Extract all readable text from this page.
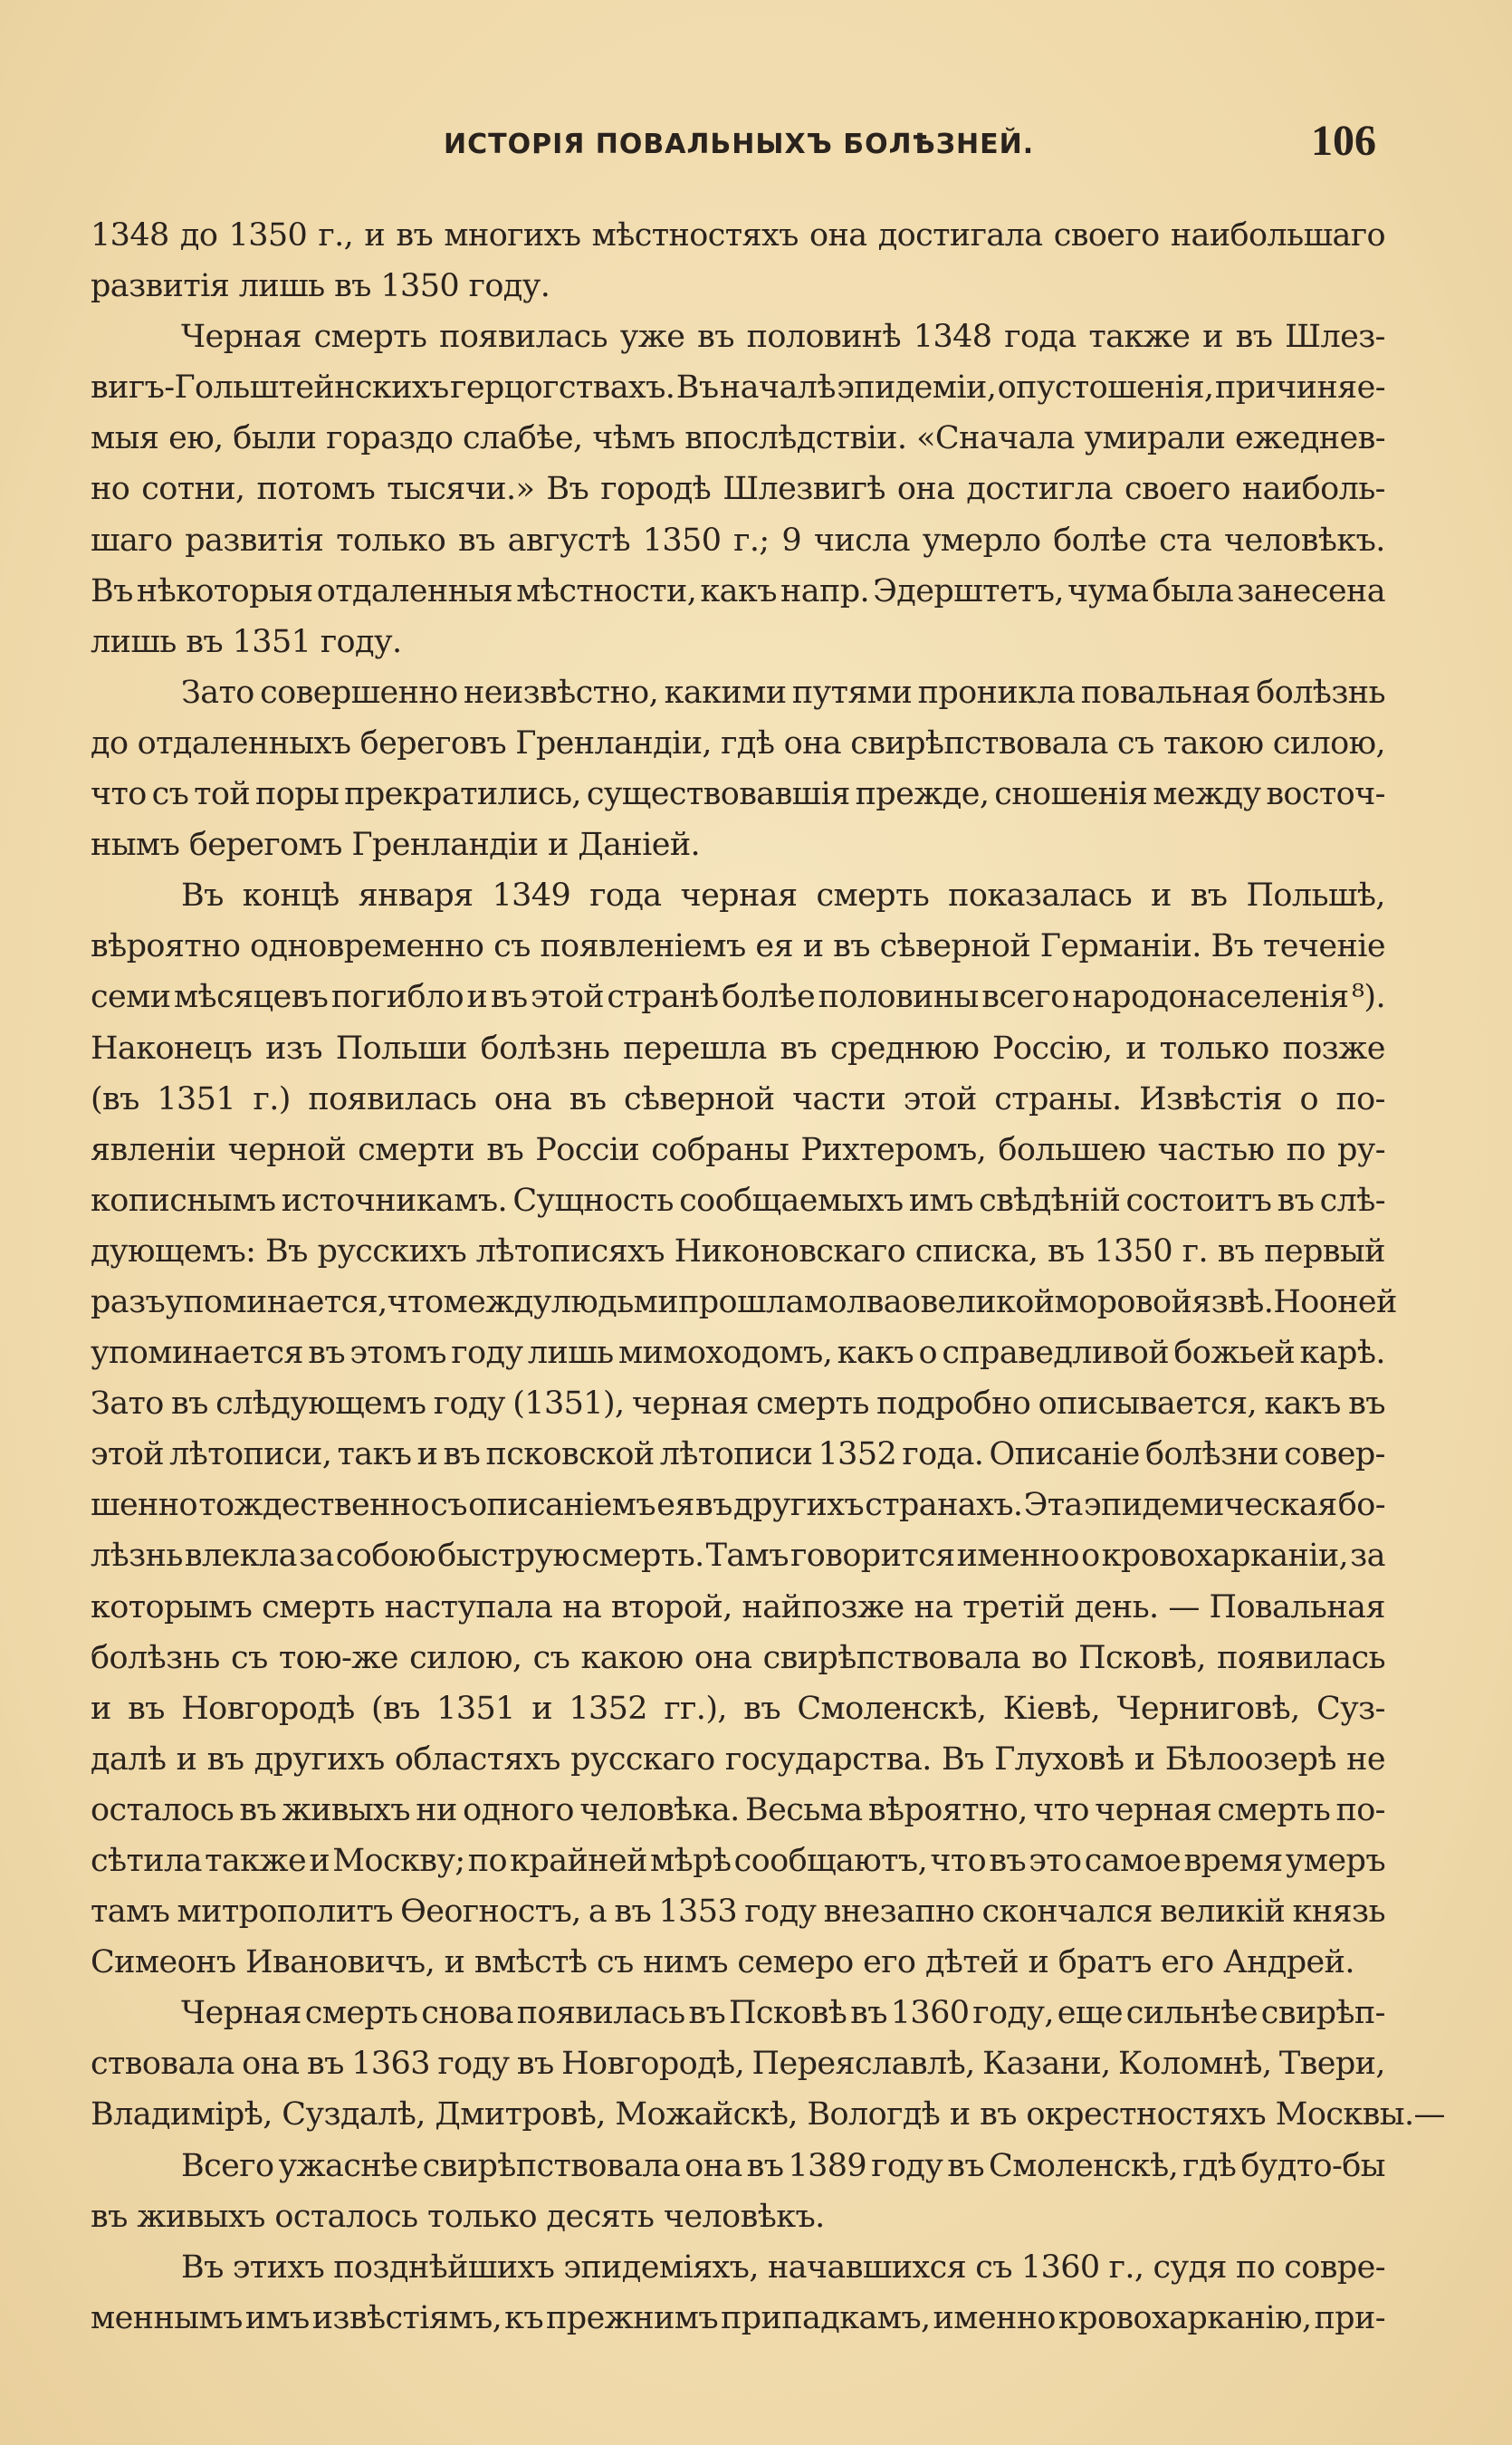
ИСТОРІЯ ПОВАЛЬНЫХЪ БОЛѢЗНЕЙ.	106
1348 до 1350 г., и въ многихъ мѣстностяхъ она достигала своего наибольшаго
развитія лишь въ 1350 году.
Черная смерть появилась уже въ половинѣ 1348 года также и въ Шлез-
вигъ-Гольштейнскихъ герцогствахъ. Въ началѣ эпидеміи, опустошенія, причиняе-
мыя ею, были гораздо слабѣе, чѣмъ впослѣдствіи. «Сначала умирали ежеднев-
но сотни, потомъ тысячи.» Въ городѣ Шлезвигѣ она достигла своего наиболь-
шаго развитія только въ августѣ 1350 г.; 9 числа умерло болѣе ста человѣкъ.
Въ нѣкоторыя отдаленныя мѣстности, какъ напр. Эдерштетъ, чума была занесена
лишь въ 1351 году.
Зато совершенно неизвѣстно, какими путями проникла повальная болѣзнь
до отдаленныхъ береговъ Гренландіи, гдѣ она свирѣпствовала съ такою силою,
что съ той поры прекратились, существовавшія прежде, сношенія между восточ-
нымъ берегомъ Гренландіи и Даніей.
Въ концѣ января 1349 года черная смерть показалась и въ Польшѣ,
вѣроятно одновременно съ появленіемъ ея и въ сѣверной Германіи. Въ теченіе
семи мѣсяцевъ погибло и въ этой странѣ болѣе половины всего народонаселенія ⁸).
Наконецъ изъ Польши болѣзнь перешла въ среднюю Россію, и только позже
(въ 1351 г.) появилась она въ сѣверной части этой страны. Извѣстія о по-
явленіи черной смерти въ Россіи собраны Рихтеромъ, большею частью по ру-
кописнымъ источникамъ. Сущность сообщаемыхъ имъ свѣдѣній состоитъ въ слѣ-
дующемъ: Въ русскихъ лѣтописяхъ Никоновскаго списка, въ 1350 г. въ первый
разъ упоминается, что между людьми прошла молва о великой моровой язвѣ. Но о ней
упоминается въ этомъ году лишь мимоходомъ, какъ о справедливой божьей карѣ.
Зато въ слѣдующемъ году (1351), черная смерть подробно описывается, какъ въ
этой лѣтописи, такъ и въ псковской лѣтописи 1352 года. Описаніе болѣзни совер-
шенно тождественно съ описаніемъ ея въ другихъ странахъ. Эта эпидемическая бо-
лѣзнь влекла за собою быструю смерть. Тамъ говорится именно о кровохарканіи, за
которымъ смерть наступала на второй, найпозже на третій день. — Повальная
болѣзнь съ тою-же силою, съ какою она свирѣпствовала во Псковѣ, появилась
и въ Новгородѣ (въ 1351 и 1352 гг.), въ Смоленскѣ, Кіевѣ, Черниговѣ, Суз-
далѣ и въ другихъ областяхъ русскаго государства. Въ Глуховѣ и Бѣлоозерѣ не
осталось въ живыхъ ни одного человѣка. Весьма вѣроятно, что черная смерть по-
сѣтила также и Москву; по крайней мѣрѣ сообщаютъ, что въ это самое время умеръ
тамъ митрополитъ Ѳеогностъ, а въ 1353 году внезапно скончался великій князь
Симеонъ Ивановичъ, и вмѣстѣ съ нимъ семеро его дѣтей и братъ его Андрей.
Черная смерть снова появилась въ Псковѣ въ 1360 году, еще сильнѣе свирѣп-
ствовала она въ 1363 году въ Новгородѣ, Переяславлѣ, Казани, Коломнѣ, Твери,
Владимірѣ, Суздалѣ, Дмитровѣ, Можайскѣ, Вологдѣ и въ окрестностяхъ Москвы.—
Всего ужаснѣе свирѣпствовала она въ 1389 году въ Смоленскѣ, гдѣ будто-бы
въ живыхъ осталось только десять человѣкъ.
Въ этихъ позднѣйшихъ эпидеміяхъ, начавшихся съ 1360 г., судя по совре-
меннымъ имъ извѣстіямъ, къ прежнимъ припадкамъ, именно кровохарканію, при-
